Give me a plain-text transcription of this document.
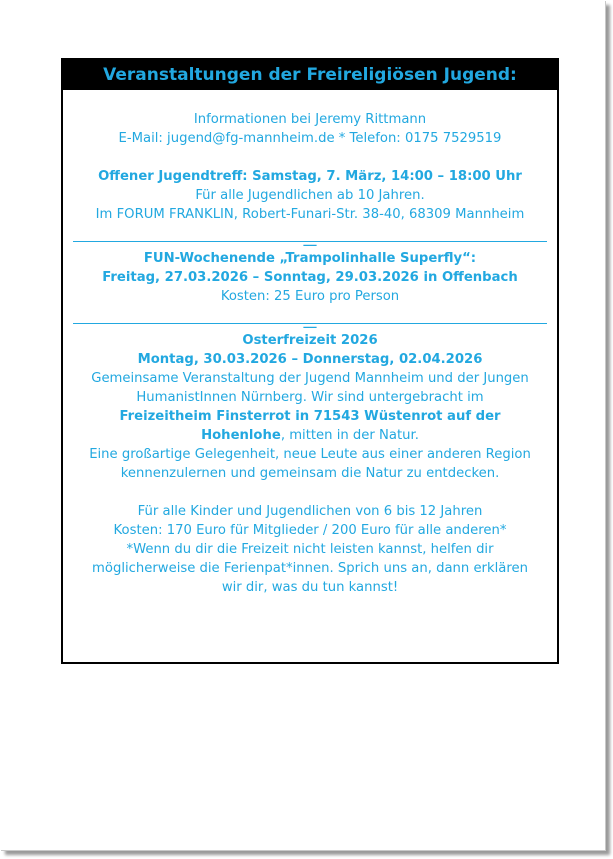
Veranstaltungen der Freireligiösen Jugend:
Informationen bei Jeremy Rittmann
E-Mail: jugend@fg-mannheim.de * Telefon: 0175 7529519
Offener Jugendtreff: Samstag, 7. März, 14:00 – 18:00 Uhr
Für alle Jugendlichen ab 10 Jahren.
Im FORUM FRANKLIN, Robert-Funari-Str. 38-40, 68309 Mannheim
__
FUN-Wochenende „Trampolinhalle Superfly“:
Freitag, 27.03.2026 – Sonntag, 29.03.2026 in Offenbach
Kosten: 25 Euro pro Person
__
Osterfreizeit 2026
Montag, 30.03.2026 – Donnerstag, 02.04.2026
Gemeinsame Veranstaltung der Jugend Mannheim und der Jungen
HumanistInnen Nürnberg. Wir sind untergebracht im
Freizeitheim Finsterrot in 71543 Wüstenrot auf der
Hohenlohe, mitten in der Natur.
Eine großartige Gelegenheit, neue Leute aus einer anderen Region
kennenzulernen und gemeinsam die Natur zu entdecken.
Für alle Kinder und Jugendlichen von 6 bis 12 Jahren
Kosten: 170 Euro für Mitglieder / 200 Euro für alle anderen*
*Wenn du dir die Freizeit nicht leisten kannst, helfen dir
möglicherweise die Ferienpat*innen. Sprich uns an, dann erklären
wir dir, was du tun kannst!
